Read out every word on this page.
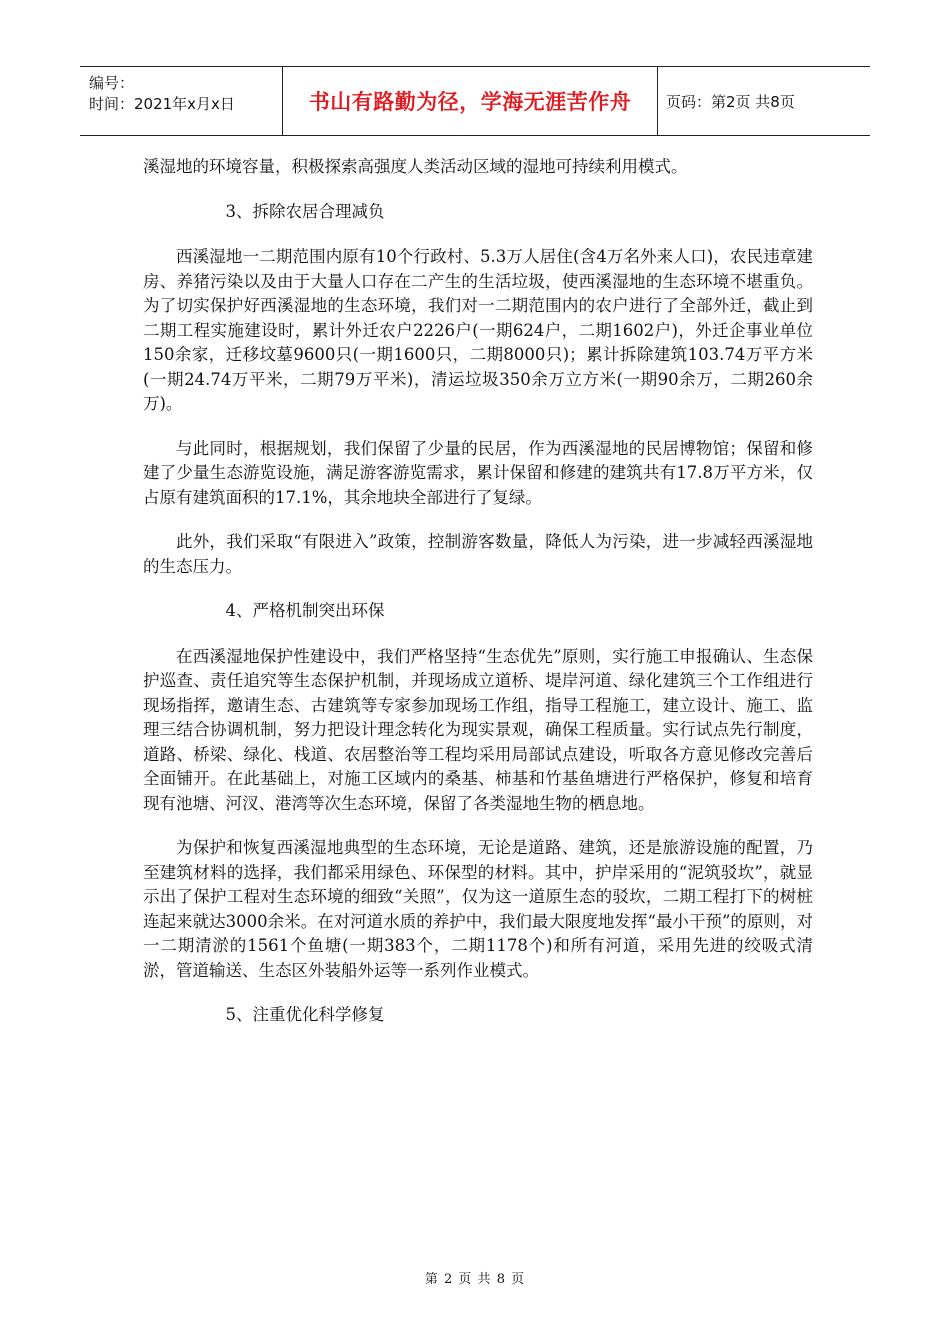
编号：
时间：2021年x月x日	书山有路勤为径，学海无涯苦作舟 页码：第2页 共8页

溪湿地的环境容量，积极探索高强度人类活动区域的湿地可持续利用模式。

3、拆除农居合理减负

西溪湿地一二期范围内原有10个行政村、5.3万人居住(含4万名外来人口)，农民违章建房、养猪污染以及由于大量人口存在二产生的生活垃圾，使西溪湿地的生态环境不堪重负。为了切实保护好西溪湿地的生态环境，我们对一二期范围内的农户进行了全部外迁，截止到二期工程实施建设时，累计外迁农户2226户(一期624户，二期1602户)，外迁企事业单位150余家，迁移坟墓9600只(一期1600只，二期8000只)；累计拆除建筑103.74万平方米(一期24.74万平米，二期79万平米)，清运垃圾350余万立方米(一期90余万，二期260余万)。

与此同时，根据规划，我们保留了少量的民居，作为西溪湿地的民居博物馆；保留和修建了少量生态游览设施，满足游客游览需求，累计保留和修建的建筑共有17.8万平方米，仅占原有建筑面积的17.1%，其余地块全部进行了复绿。

此外，我们采取“有限进入”政策，控制游客数量，降低人为污染，进一步减轻西溪湿地的生态压力。

4、严格机制突出环保

在西溪湿地保护性建设中，我们严格坚持“生态优先”原则，实行施工申报确认、生态保护巡查、责任追究等生态保护机制，并现场成立道桥、堤岸河道、绿化建筑三个工作组进行现场指挥，邀请生态、古建筑等专家参加现场工作组，指导工程施工，建立设计、施工、监理三结合协调机制，努力把设计理念转化为现实景观，确保工程质量。实行试点先行制度，道路、桥梁、绿化、栈道、农居整治等工程均采用局部试点建设，听取各方意见修改完善后全面铺开。在此基础上，对施工区域内的桑基、柿基和竹基鱼塘进行严格保护，修复和培育现有池塘、河汊、港湾等次生态环境，保留了各类湿地生物的栖息地。

为保护和恢复西溪湿地典型的生态环境，无论是道路、建筑，还是旅游设施的配置，乃至建筑材料的选择，我们都采用绿色、环保型的材料。其中，护岸采用的“泥筑驳坎”，就显示出了保护工程对生态环境的细致“关照”，仅为这一道原生态的驳坎，二期工程打下的树桩连起来就达3000余米。在对河道水质的养护中，我们最大限度地发挥“最小干预”的原则，对一二期清淤的1561个鱼塘(一期383个，二期1178个)和所有河道，采用先进的绞吸式清淤，管道输送、生态区外装船外运等一系列作业模式。

5、注重优化科学修复

第 2 页 共 8 页
